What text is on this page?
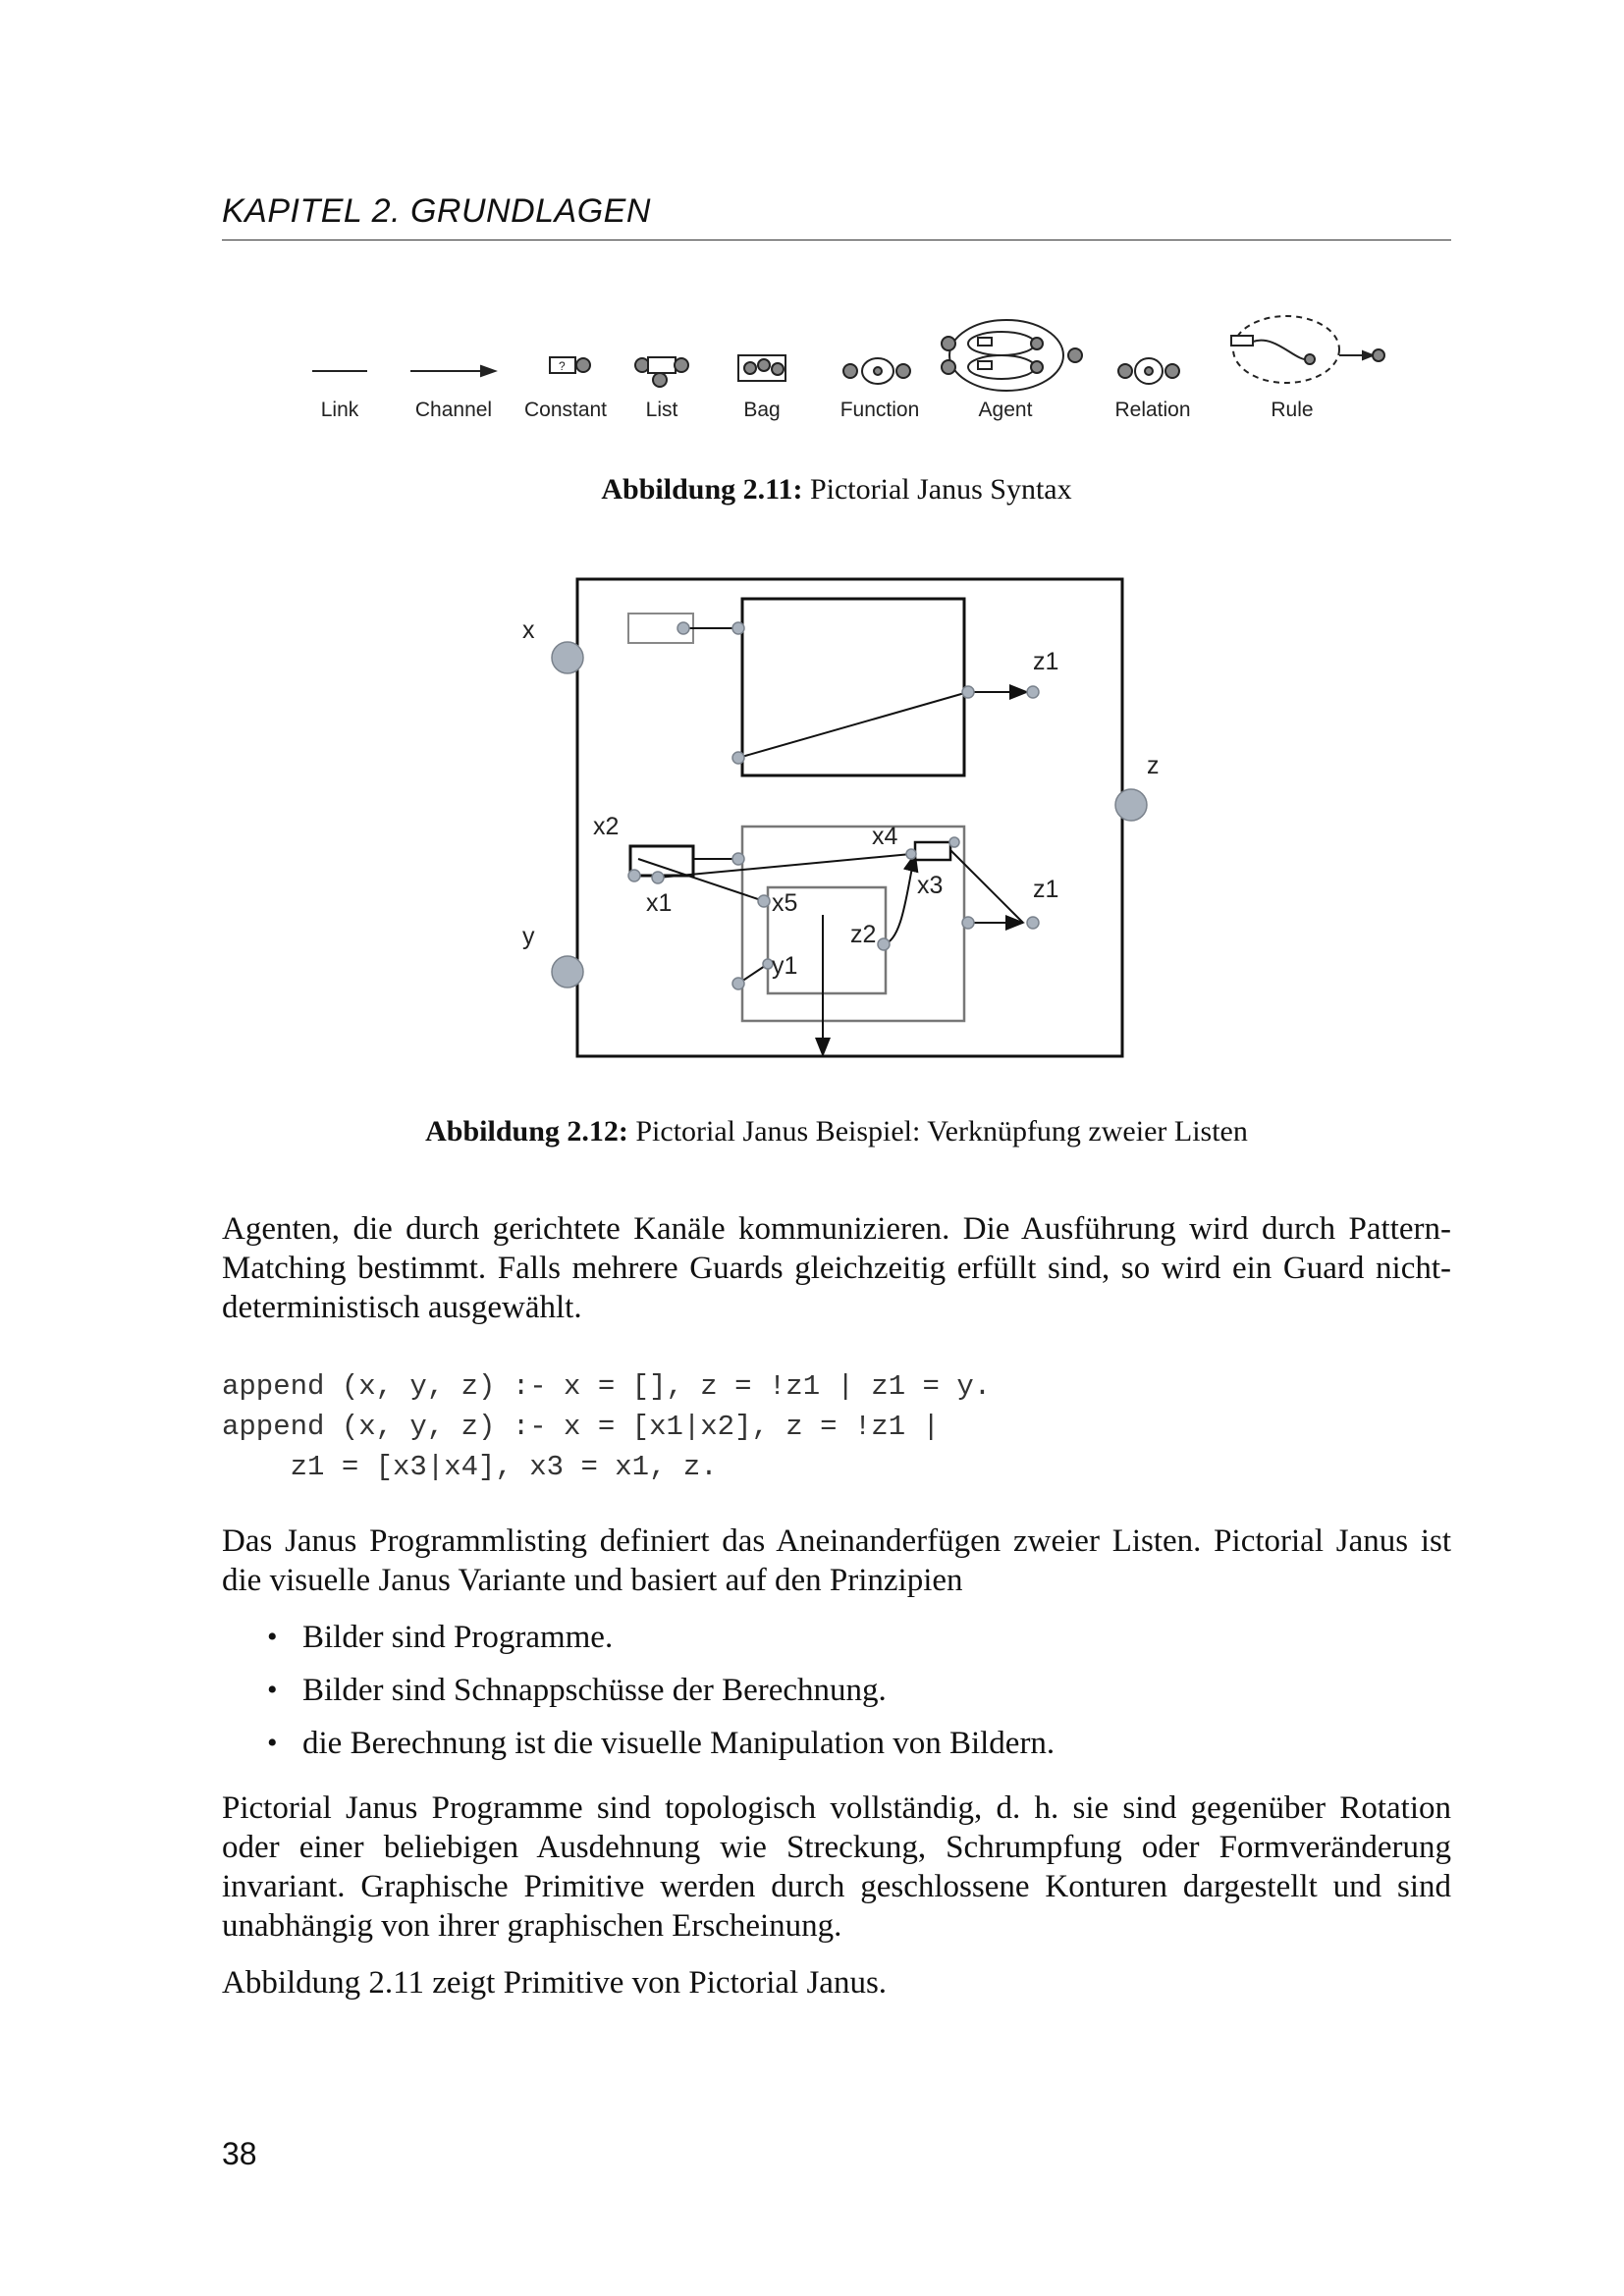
KAPITEL 2. GRUNDLAGEN
?
Link	Channel	Constant	List	Bag	Function	Agent	Relation	Rule
Abbildung 2.11: Pictorial Janus Syntax
x
y
z
z1
z1
x2
x1	x5
x4
x3
z2
y1
Abbildung 2.12: Pictorial Janus Beispiel: Verknüpfung zweier Listen

Agenten, die durch gerichtete Kanäle kommunizieren. Die Ausführung wird durch Pattern-Matching bestimmt. Falls mehrere Guards gleichzeitig erfüllt sind, so wird ein Guard nicht-deterministisch ausgewählt.

append (x, y, z) :- x = [], z = !z1 | z1 = y.
append (x, y, z) :- x = [x1|x2], z = !z1 |
z1 = [x3|x4], x3 = x1, z.

Das Janus Programmlisting definiert das Aneinanderfügen zweier Listen. Pictorial Janus ist die visuelle Janus Variante und basiert auf den Prinzipien

• Bilder sind Programme.
• Bilder sind Schnappschüsse der Berechnung.
• die Berechnung ist die visuelle Manipulation von Bildern.

Pictorial Janus Programme sind topologisch vollständig, d. h. sie sind gegenüber Rotation oder einer beliebigen Ausdehnung wie Streckung, Schrumpfung oder Formveränderung invariant. Graphische Primitive werden durch geschlossene Konturen dargestellt und sind unabhängig von ihrer graphischen Erscheinung.

Abbildung 2.11 zeigt Primitive von Pictorial Janus.

38
